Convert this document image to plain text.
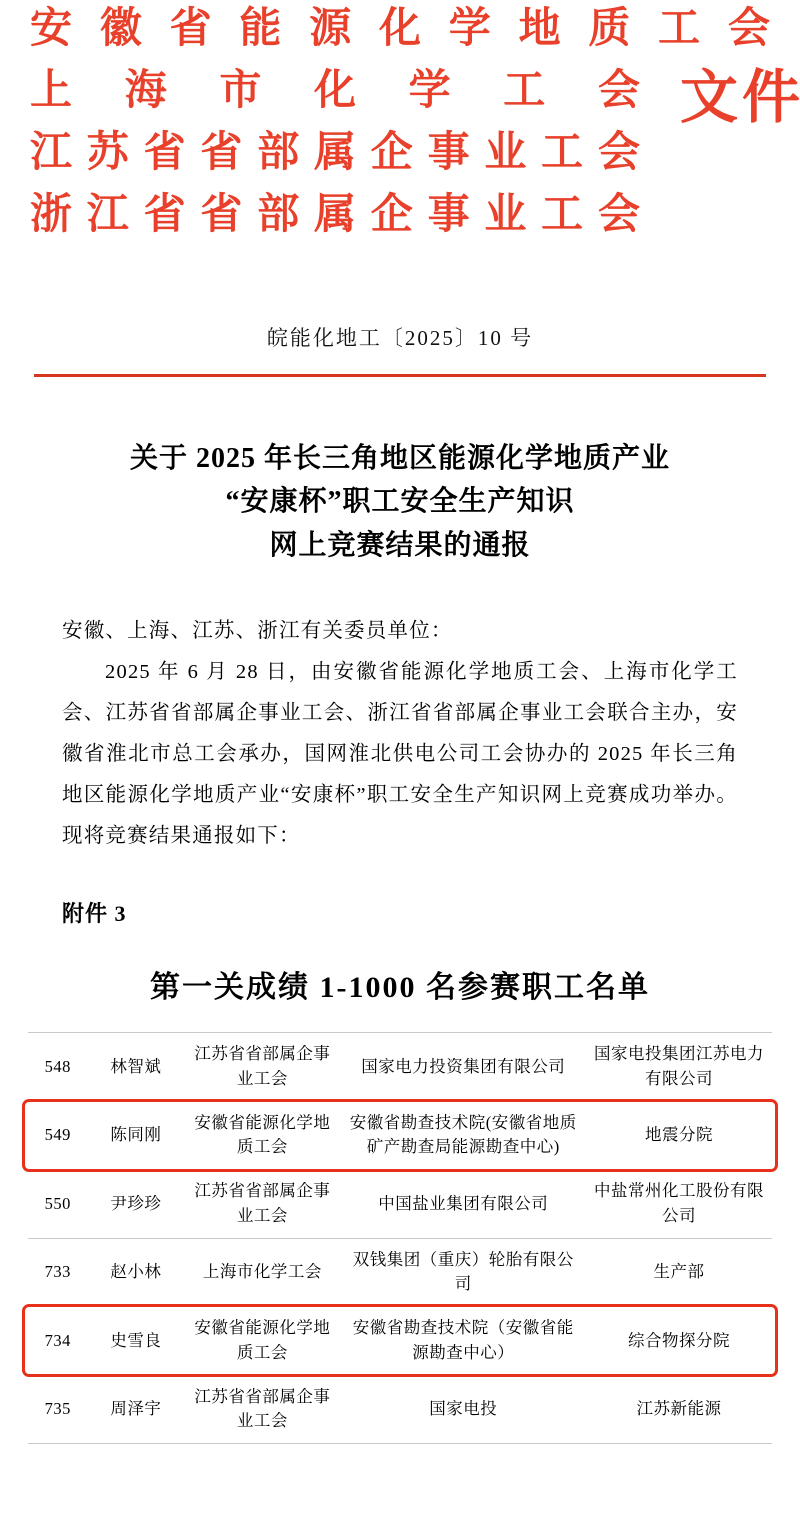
安 徽 省 能 源 化 学 地 质 工 会
上 海 市 化 学 工 会
江 苏 省 省 部 属 企 事 业 工 会
浙 江 省 省 部 属 企 事 业 工 会
文 件
皖能化地工〔2025〕10 号
关于 2025 年长三角地区能源化学地质产业
“安康杯”职工安全生产知识
网上竞赛结果的通报

安徽、上海、江苏、浙江有关委员单位：

2025 年 6 月 28 日，由安徽省能源化学地质工会、上海市化学工会、江苏省省部属企事业工会、浙江省省部属企事业工会联合主办，安徽省淮北市总工会承办，国网淮北供电公司工会协办的 2025 年长三角地区能源化学地质产业“安康杯”职工安全生产知识网上竞赛成功举办。现将竞赛结果通报如下：

附件 3
第一关成绩 1-1000 名参赛职工名单
548	林智斌	江苏省省部属企事业工会	国家电力投资集团有限公司	国家电投集团江苏电力有限公司
549	陈同刚	安徽省能源化学地质工会	安徽省勘查技术院(安徽省地质矿产勘查局能源勘查中心)	地震分院
550	尹珍珍	江苏省省部属企事业工会	中国盐业集团有限公司	中盐常州化工股份有限公司
733	赵小林	上海市化学工会	双钱集团（重庆）轮胎有限公司	生产部
734	史雪良	安徽省能源化学地质工会	安徽省勘查技术院（安徽省能源勘查中心）	综合物探分院
735	周泽宇	江苏省省部属企事业工会	国家电投	江苏新能源
